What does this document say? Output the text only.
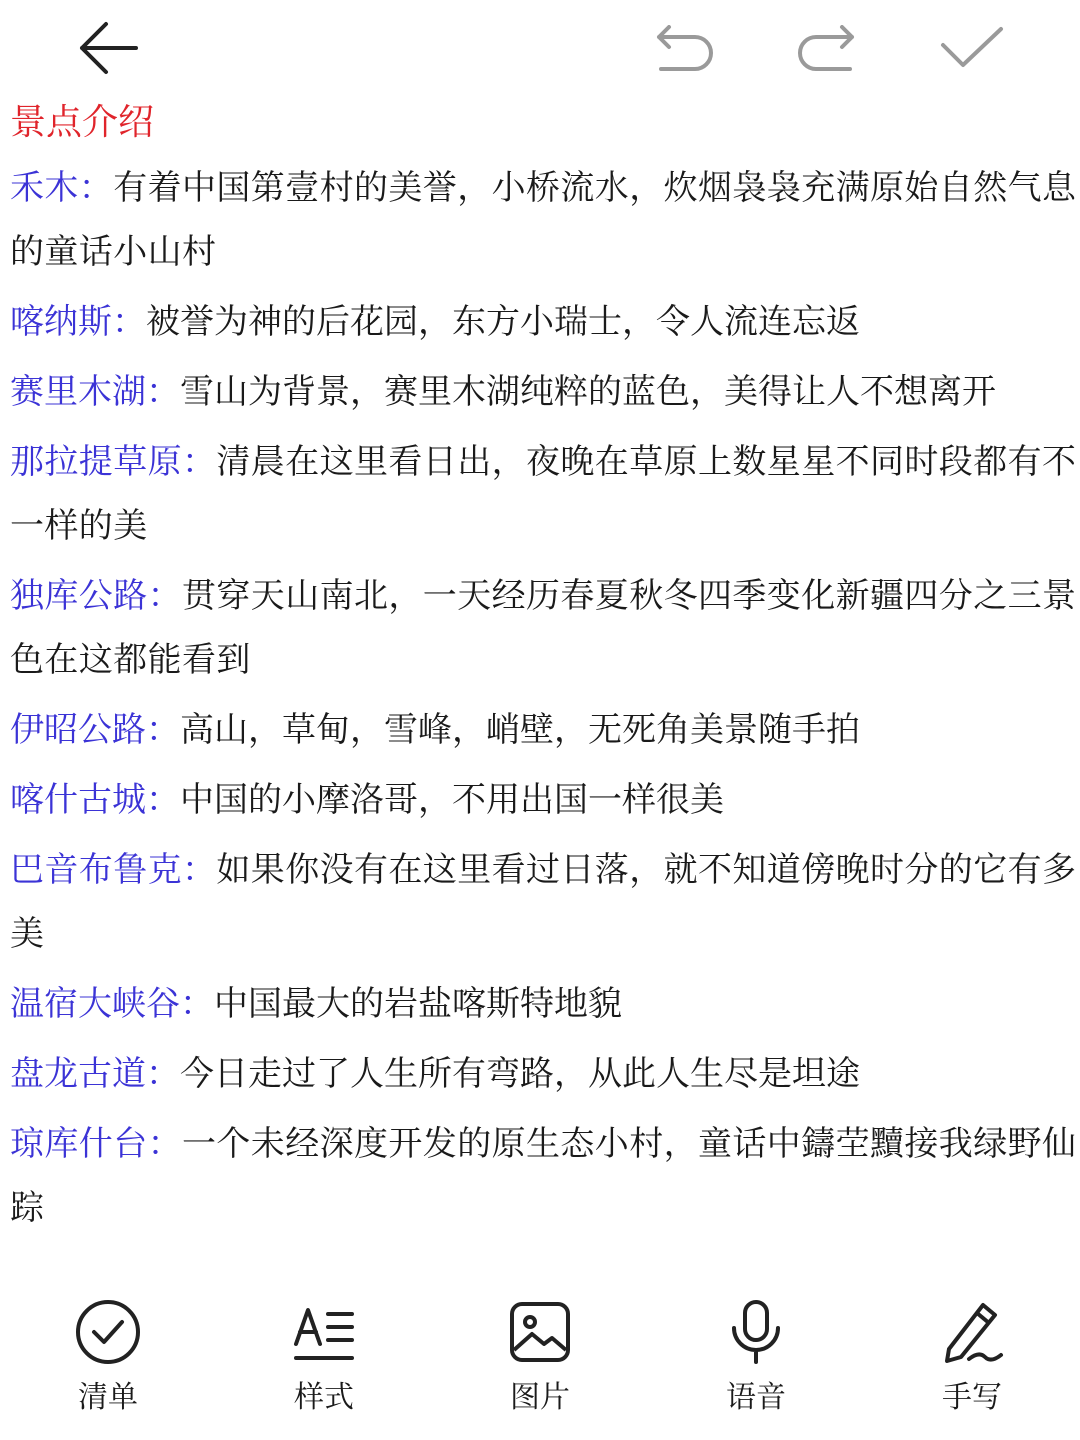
景点介绍
禾木：有着中国第壹村的美誉，小桥流水，炊烟袅袅充满原始自然气息的童话小山村
喀纳斯：被誉为神的后花园，东方小瑞士，令人流连忘返
赛里木湖：雪山为背景，赛里木湖纯粹的蓝色，美得让人不想离开
那拉提草原：清晨在这里看日出，夜晚在草原上数星星不同时段都有不一样的美
独库公路：贯穿天山南北，一天经历春夏秋冬四季变化新疆四分之三景色在这都能看到
伊昭公路：高山，草甸，雪峰，峭壁，无死角美景随手拍
喀什古城：中国的小摩洛哥，不用出国一样很美
巴音布鲁克：如果你没有在这里看过日落，就不知道傍晚时分的它有多美
温宿大峡谷：中国最大的岩盐喀斯特地貌
盘龙古道：今日走过了人生所有弯路，从此人生尽是坦途
琼库什台：一个未经深度开发的原生态小村，童话中鑄茔黷接我绿野仙踪
清单	样式	图片	语音	手写
